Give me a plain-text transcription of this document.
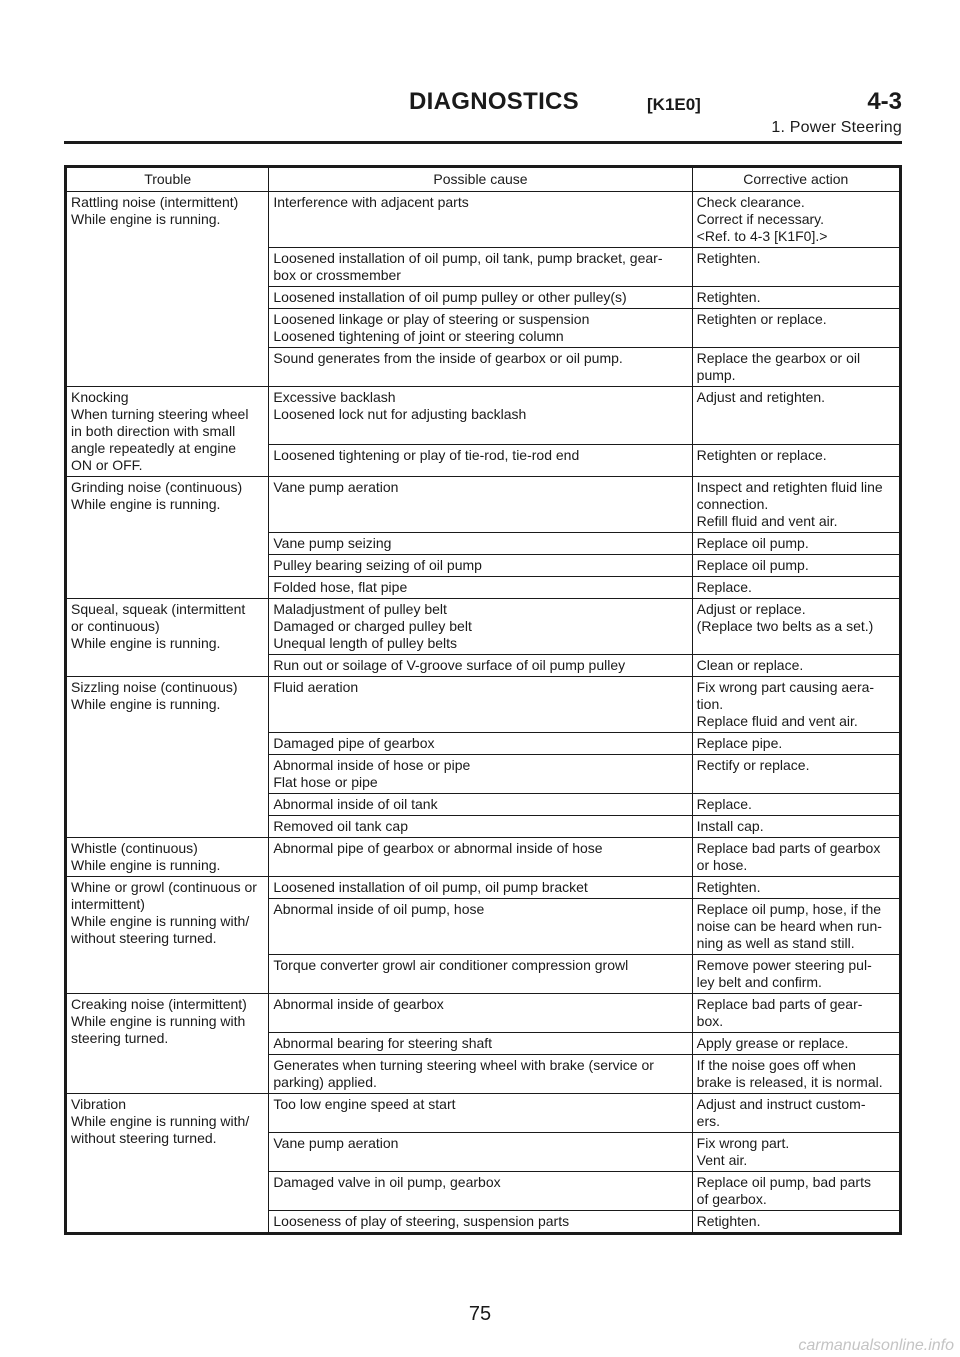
DIAGNOSTICS	[K1E0]	4-3
1. Power Steering
Trouble	Possible cause	Corrective action

Rattling noise (intermittent)
While engine is running.	Interference with adjacent parts	Check clearance.
Correct if necessary.
<Ref. to 4-3 [K1F0].>

	Loosened installation of oil pump, oil tank, pump bracket, gear-
box or crossmember	Retighten.

	Loosened installation of oil pump pulley or other pulley(s)	Retighten.

	Loosened linkage or play of steering or suspension
Loosened tightening of joint or steering column	Retighten or replace.

	Sound generates from the inside of gearbox or oil pump.	Replace the gearbox or oil
pump.

Knocking
When turning steering wheel
in both direction with small
angle repeatedly at engine
ON or OFF.	Excessive backlash
Loosened lock nut for adjusting backlash	Adjust and retighten.

	Loosened tightening or play of tie-rod, tie-rod end	Retighten or replace.

Grinding noise (continuous)
While engine is running.	Vane pump aeration	Inspect and retighten fluid line
connection.
Refill fluid and vent air.

	Vane pump seizing	Replace oil pump.

	Pulley bearing seizing of oil pump	Replace oil pump.

	Folded hose, flat pipe	Replace.

Squeal, squeak (intermittent
or continuous)
While engine is running.	Maladjustment of pulley belt
Damaged or charged pulley belt
Unequal length of pulley belts	Adjust or replace.
(Replace two belts as a set.)

	Run out or soilage of V-groove surface of oil pump pulley	Clean or replace.

Sizzling noise (continuous)
While engine is running.	Fluid aeration	Fix wrong part causing aera-
tion.
Replace fluid and vent air.

	Damaged pipe of gearbox	Replace pipe.

	Abnormal inside of hose or pipe
Flat hose or pipe	Rectify or replace.

	Abnormal inside of oil tank	Replace.

	Removed oil tank cap	Install cap.

Whistle (continuous)
While engine is running.	Abnormal pipe of gearbox or abnormal inside of hose	Replace bad parts of gearbox
or hose.

Whine or growl (continuous or
intermittent)
While engine is running with/
without steering turned.	Loosened installation of oil pump, oil pump bracket	Retighten.

	Abnormal inside of oil pump, hose	Replace oil pump, hose, if the
noise can be heard when run-
ning as well as stand still.

	Torque converter growl air conditioner compression growl	Remove power steering pul-
ley belt and confirm.

Creaking noise (intermittent)
While engine is running with
steering turned.	Abnormal inside of gearbox	Replace bad parts of gear-
box.

	Abnormal bearing for steering shaft	Apply grease or replace.

	Generates when turning steering wheel with brake (service or
parking) applied.	If the noise goes off when
brake is released, it is normal.

Vibration
While engine is running with/
without steering turned.	Too low engine speed at start	Adjust and instruct custom-
ers.

	Vane pump aeration	Fix wrong part.
Vent air.

	Damaged valve in oil pump, gearbox	Replace oil pump, bad parts
of gearbox.

	Looseness of play of steering, suspension parts	Retighten.
75
carmanualsonline.info
